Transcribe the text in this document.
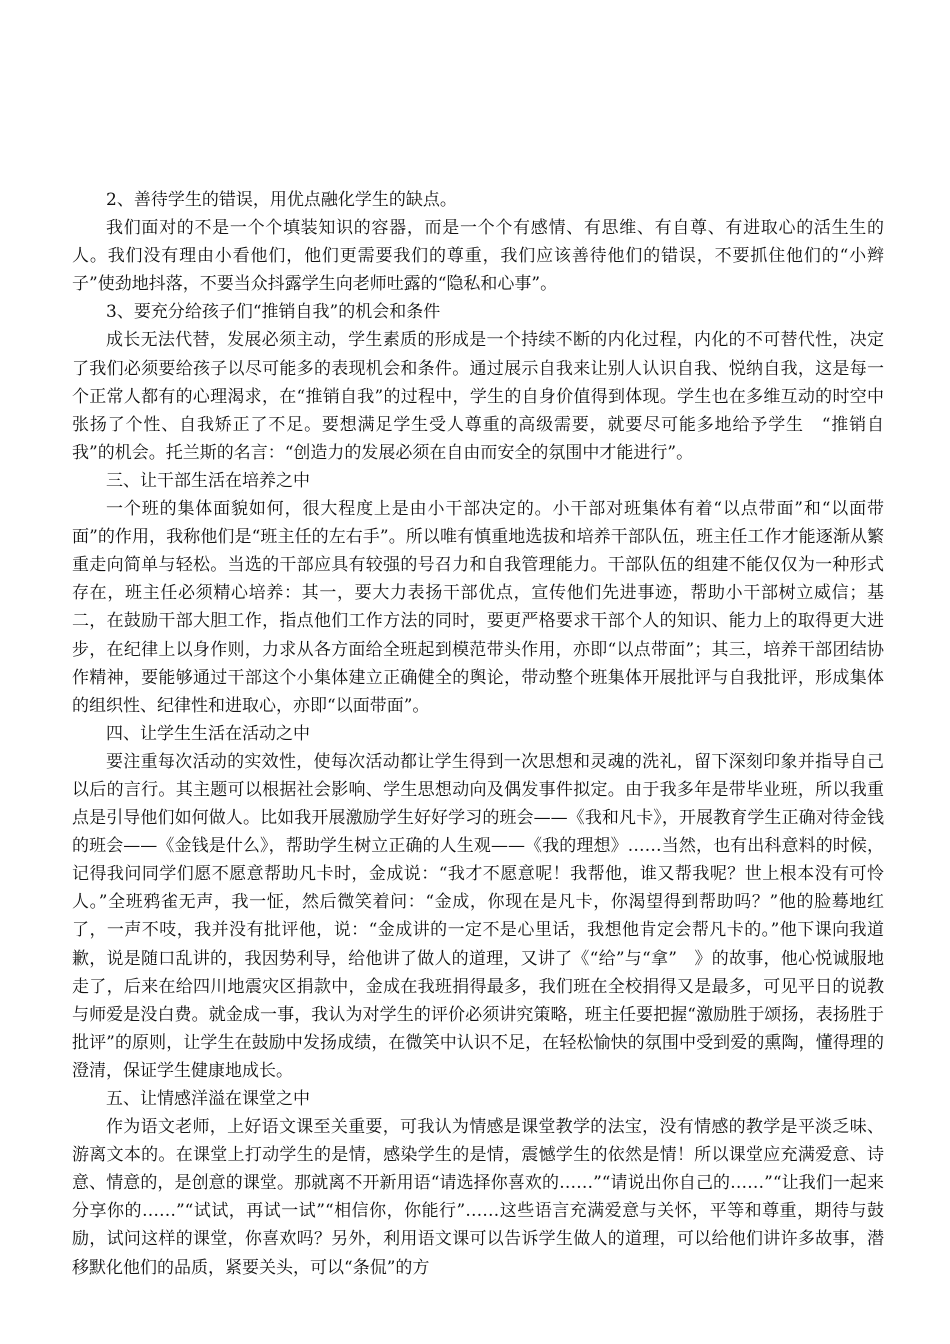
2、善待学生的错误，用优点融化学生的缺点。

我们面对的不是一个个填装知识的容器，而是一个个有感情、有思维、有自尊、有进取心的活生生的人。我们没有理由小看他们，他们更需要我们的尊重，我们应该善待他们的错误，不要抓住他们的“小辫子”使劲地抖落，不要当众抖露学生向老师吐露的“隐私和心事”。

3、要充分给孩子们“推销自我”的机会和条件

成长无法代替，发展必须主动，学生素质的形成是一个持续不断的内化过程，内化的不可替代性，决定了我们必须要给孩子以尽可能多的表现机会和条件。通过展示自我来让别人认识自我、悦纳自我，这是每一个正常人都有的心理渴求，在“推销自我”的过程中，学生的自身价值得到体现。学生也在多维互动的时空中张扬了个性、自我矫正了不足。要想满足学生受人尊重的高级需要，就要尽可能多地给予学生　“推销自我”的机会。托兰斯的名言：“创造力的发展必须在自由而安全的氛围中才能进行”。

三、让干部生活在培养之中

一个班的集体面貌如何，很大程度上是由小干部决定的。小干部对班集体有着“以点带面”和“以面带面”的作用，我称他们是“班主任的左右手”。所以唯有慎重地选拔和培养干部队伍，班主任工作才能逐渐从繁重走向简单与轻松。当选的干部应具有较强的号召力和自我管理能力。干部队伍的组建不能仅仅为一种形式存在，班主任必须精心培养：其一，要大力表扬干部优点，宣传他们先进事迹，帮助小干部树立威信；基二，在鼓励干部大胆工作，指点他们工作方法的同时，要更严格要求干部个人的知识、能力上的取得更大进步，在纪律上以身作则，力求从各方面给全班起到模范带头作用，亦即“以点带面”；其三，培养干部团结协作精神，要能够通过干部这个小集体建立正确健全的舆论，带动整个班集体开展批评与自我批评，形成集体的组织性、纪律性和进取心，亦即“以面带面”。

四、让学生生活在活动之中

要注重每次活动的实效性，使每次活动都让学生得到一次思想和灵魂的洗礼，留下深刻印象并指导自己以后的言行。其主题可以根据社会影响、学生思想动向及偶发事件拟定。由于我多年是带毕业班，所以我重点是引导他们如何做人。比如我开展激励学生好好学习的班会——《我和凡卡》，开展教育学生正确对待金钱的班会——《金钱是什么》，帮助学生树立正确的人生观——《我的理想》……当然，也有出科意料的时候，记得我问同学们愿不愿意帮助凡卡时，金成说：“我才不愿意呢！我帮他，谁又帮我呢？世上根本没有可怜人。”全班鸦雀无声，我一怔，然后微笑着问：“金成，你现在是凡卡，你渴望得到帮助吗？”他的脸蓦地红了，一声不吱，我并没有批评他，说：“金成讲的一定不是心里话，我想他肯定会帮凡卡的。”他下课向我道歉，说是随口乱讲的，我因势利导，给他讲了做人的道理，又讲了《“给”与“拿”　》的故事，他心悦诚服地走了，后来在给四川地震灾区捐款中，金成在我班捐得最多，我们班在全校捐得又是最多，可见平日的说教与师爱是没白费。就金成一事，我认为对学生的评价必须讲究策略，班主任要把握“激励胜于颂扬，表扬胜于批评”的原则，让学生在鼓励中发扬成绩，在微笑中认识不足，在轻松愉快的氛围中受到爱的熏陶，懂得理的澄清，保证学生健康地成长。

五、让情感洋溢在课堂之中

作为语文老师，上好语文课至关重要，可我认为情感是课堂教学的法宝，没有情感的教学是平淡乏味、游离文本的。在课堂上打动学生的是情，感染学生的是情，震憾学生的依然是情！所以课堂应充满爱意、诗意、情意的，是创意的课堂。那就离不开新用语“请选择你喜欢的……”“请说出你自己的……”“让我们一起来分享你的……”“试试，再试一试”“相信你，你能行”……这些语言充满爱意与关怀，平等和尊重，期待与鼓励，试问这样的课堂，你喜欢吗？另外，利用语文课可以告诉学生做人的道理，可以给他们讲许多故事，潜移默化他们的品质，紧要关头，可以“条侃”的方
